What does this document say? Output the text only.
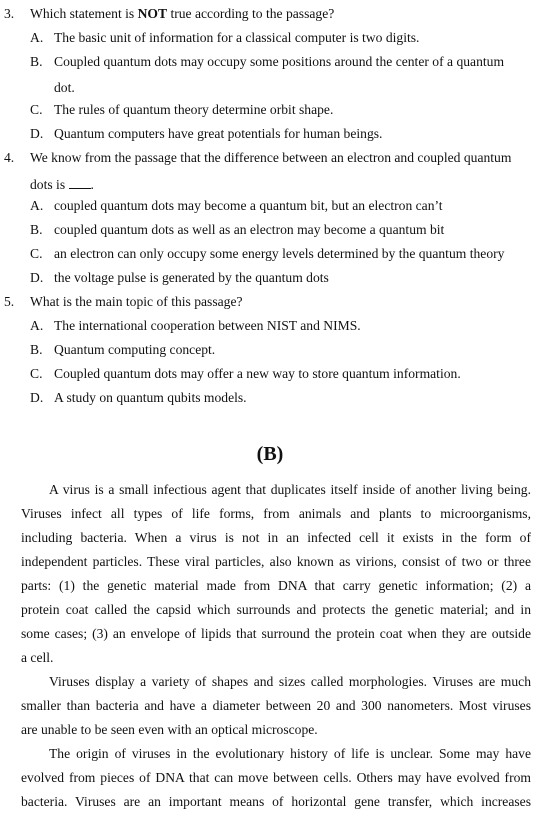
3. Which statement is NOT true according to the passage?
A. The basic unit of information for a classical computer is two digits.
B. Coupled quantum dots may occupy some positions around the center of a quantum
dot.
C. The rules of quantum theory determine orbit shape.
D. Quantum computers have great potentials for human beings.
4. We know from the passage that the difference between an electron and coupled quantum
dots is .
A. coupled quantum dots may become a quantum bit, but an electron can’t
B. coupled quantum dots as well as an electron may become a quantum bit
C. an electron can only occupy some energy levels determined by the quantum theory
D. the voltage pulse is generated by the quantum dots
5. What is the main topic of this passage?
A. The international cooperation between NIST and NIMS.
B. Quantum computing concept.
C. Coupled quantum dots may offer a new way to store quantum information.
D. A study on quantum qubits models.
(B)
A virus is a small infectious agent that duplicates itself inside of another living being.
Viruses infect all types of life forms, from animals and plants to microorganisms,
including bacteria. When a virus is not in an infected cell it exists in the form of
independent particles. These viral particles, also known as virions, consist of two or three
parts: (1) the genetic material made from DNA that carry genetic information; (2) a
protein coat called the capsid which surrounds and protects the genetic material; and in
some cases; (3) an envelope of lipids that surround the protein coat when they are outside
a cell.
Viruses display a variety of shapes and sizes called morphologies. Viruses are much
smaller than bacteria and have a diameter between 20 and 300 nanometers. Most viruses
are unable to be seen even with an optical microscope.
The origin of viruses in the evolutionary history of life is unclear. Some may have
evolved from pieces of DNA that can move between cells. Others may have evolved from
bacteria. Viruses are an important means of horizontal gene transfer, which increases
